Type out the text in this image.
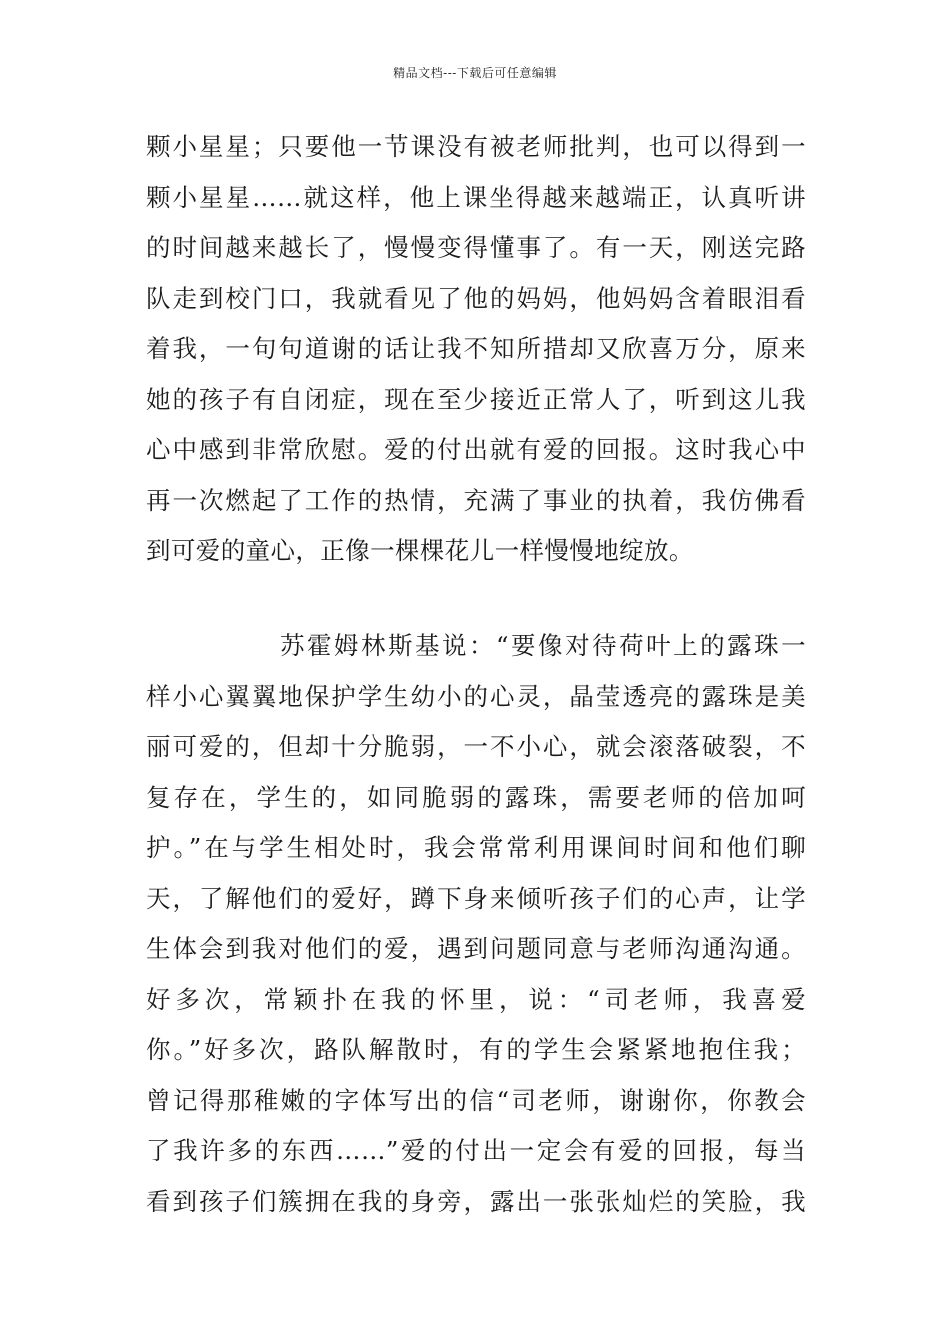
精品文档---下载后可任意编辑
颗小星星；只要他一节课没有被老师批判，也可以得到一
颗小星星……就这样，他上课坐得越来越端正，认真听讲
的时间越来越长了，慢慢变得懂事了。有一天，刚送完路
队走到校门口，我就看见了他的妈妈，他妈妈含着眼泪看
着我，一句句道谢的话让我不知所措却又欣喜万分，原来
她的孩子有自闭症，现在至少接近正常人了，听到这儿我
心中感到非常欣慰。爱的付出就有爱的回报。这时我心中
再一次燃起了工作的热情，充满了事业的执着，我仿佛看
到可爱的童心，正像一棵棵花儿一样慢慢地绽放。
苏霍姆林斯基说：“要像对待荷叶上的露珠一
样小心翼翼地保护学生幼小的心灵，晶莹透亮的露珠是美
丽可爱的，但却十分脆弱，一不小心，就会滚落破裂，不
复存在，学生的，如同脆弱的露珠，需要老师的倍加呵
护。”在与学生相处时，我会常常利用课间时间和他们聊
天，了解他们的爱好，蹲下身来倾听孩子们的心声，让学
生体会到我对他们的爱，遇到问题同意与老师沟通沟通。
好多次，常颖扑在我的怀里，说：“司老师，我喜爱
你。”好多次，路队解散时，有的学生会紧紧地抱住我；
曾记得那稚嫩的字体写出的信“司老师，谢谢你，你教会
了我许多的东西……”爱的付出一定会有爱的回报，每当
看到孩子们簇拥在我的身旁，露出一张张灿烂的笑脸，我
